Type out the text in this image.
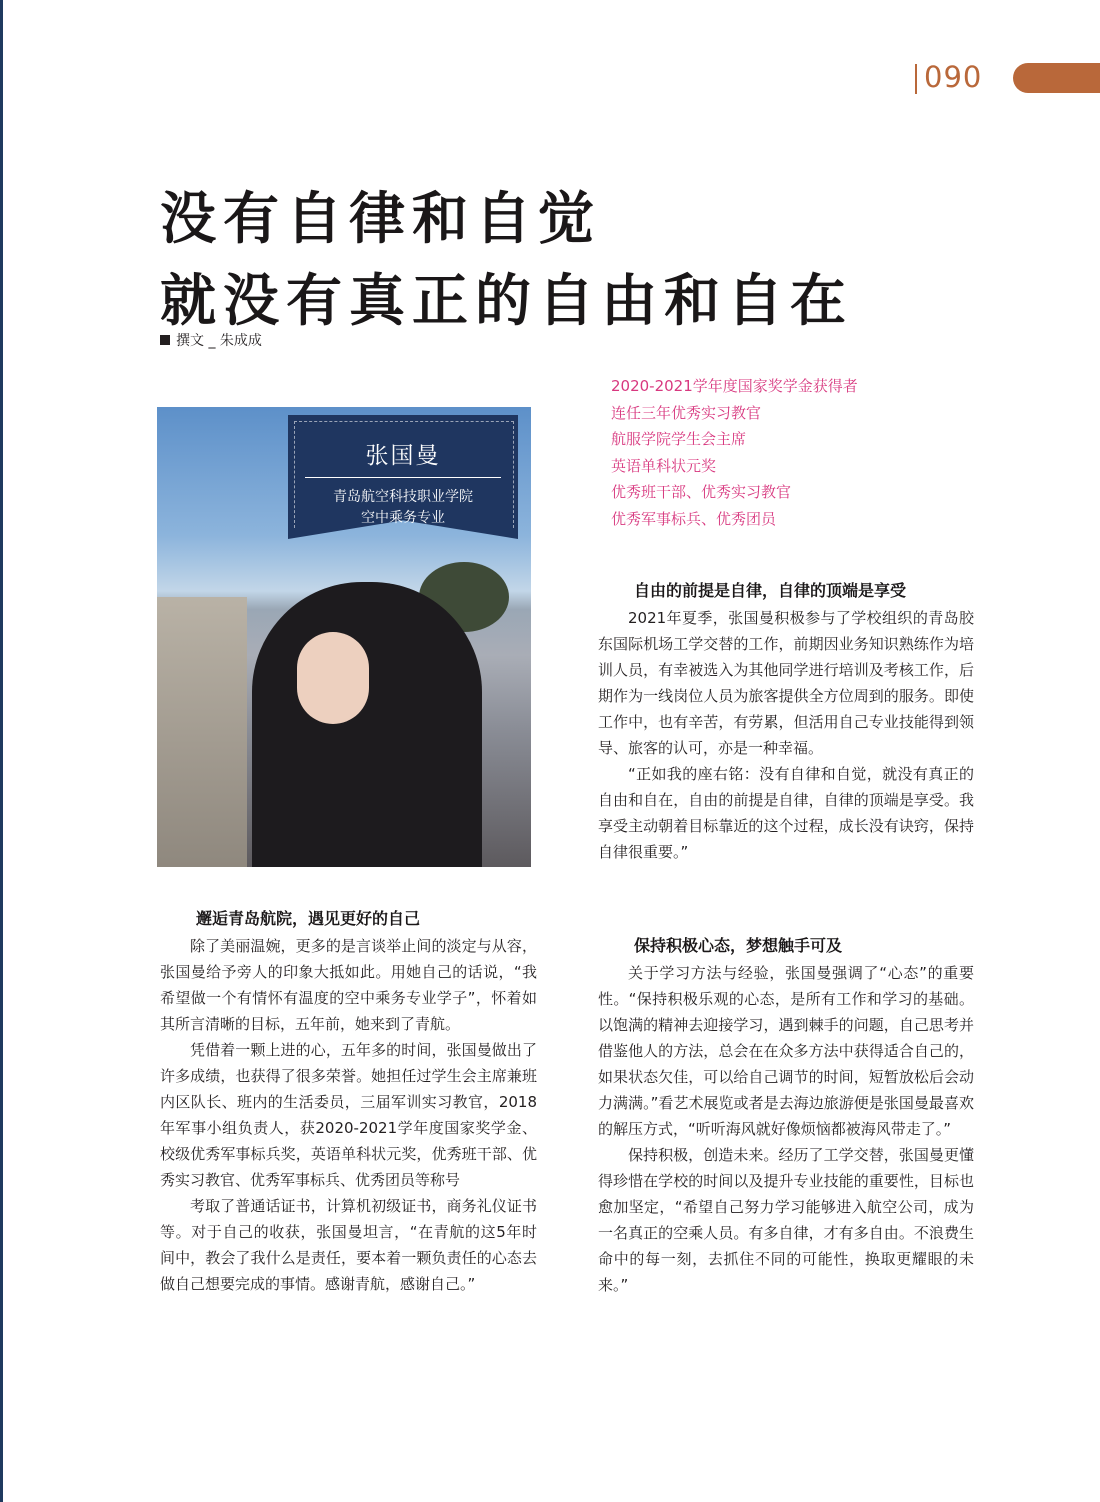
090
没有自律和自觉
就没有真正的自由和自在
撰文 _ 朱成成
张国曼
青岛航空科技职业学院
空中乘务专业
2020-2021学年度国家奖学金获得者
连任三年优秀实习教官
航服学院学生会主席
英语单科状元奖
优秀班干部、优秀实习教官
优秀军事标兵、优秀团员
邂逅青岛航院，遇见更好的自己

除了美丽温婉，更多的是言谈举止间的淡定与从容，张国曼给予旁人的印象大抵如此。用她自己的话说，“我希望做一个有情怀有温度的空中乘务专业学子”，怀着如其所言清晰的目标，五年前，她来到了青航。

凭借着一颗上进的心，五年多的时间，张国曼做出了许多成绩，也获得了很多荣誉。她担任过学生会主席兼班内区队长、班内的生活委员，三届军训实习教官，2018年军事小组负责人，获2020-2021学年度国家奖学金、校级优秀军事标兵奖，英语单科状元奖，优秀班干部、优秀实习教官、优秀军事标兵、优秀团员等称号

考取了普通话证书，计算机初级证书，商务礼仪证书等。对于自己的收获，张国曼坦言，“在青航的这5年时间中，教会了我什么是责任，要本着一颗负责任的心态去做自己想要完成的事情。感谢青航，感谢自己。”

自由的前提是自律，自律的顶端是享受

2021年夏季，张国曼积极参与了学校组织的青岛胶东国际机场工学交替的工作，前期因业务知识熟练作为培训人员，有幸被选入为其他同学进行培训及考核工作，后期作为一线岗位人员为旅客提供全方位周到的服务。即使工作中，也有辛苦，有劳累，但活用自己专业技能得到领导、旅客的认可，亦是一种幸福。

“正如我的座右铭：没有自律和自觉，就没有真正的自由和自在，自由的前提是自律，自律的顶端是享受。我享受主动朝着目标靠近的这个过程，成长没有诀窍，保持自律很重要。”

保持积极心态，梦想触手可及

关于学习方法与经验，张国曼强调了“心态”的重要性。“保持积极乐观的心态，是所有工作和学习的基础。以饱满的精神去迎接学习，遇到棘手的问题，自己思考并借鉴他人的方法，总会在在众多方法中获得适合自己的，如果状态欠佳，可以给自己调节的时间，短暂放松后会动力满满。”看艺术展览或者是去海边旅游便是张国曼最喜欢的解压方式，“听听海风就好像烦恼都被海风带走了。”

保持积极，创造未来。经历了工学交替，张国曼更懂得珍惜在学校的时间以及提升专业技能的重要性，目标也愈加坚定，“希望自己努力学习能够进入航空公司，成为一名真正的空乘人员。有多自律，才有多自由。不浪费生命中的每一刻，去抓住不同的可能性，换取更耀眼的未来。”
